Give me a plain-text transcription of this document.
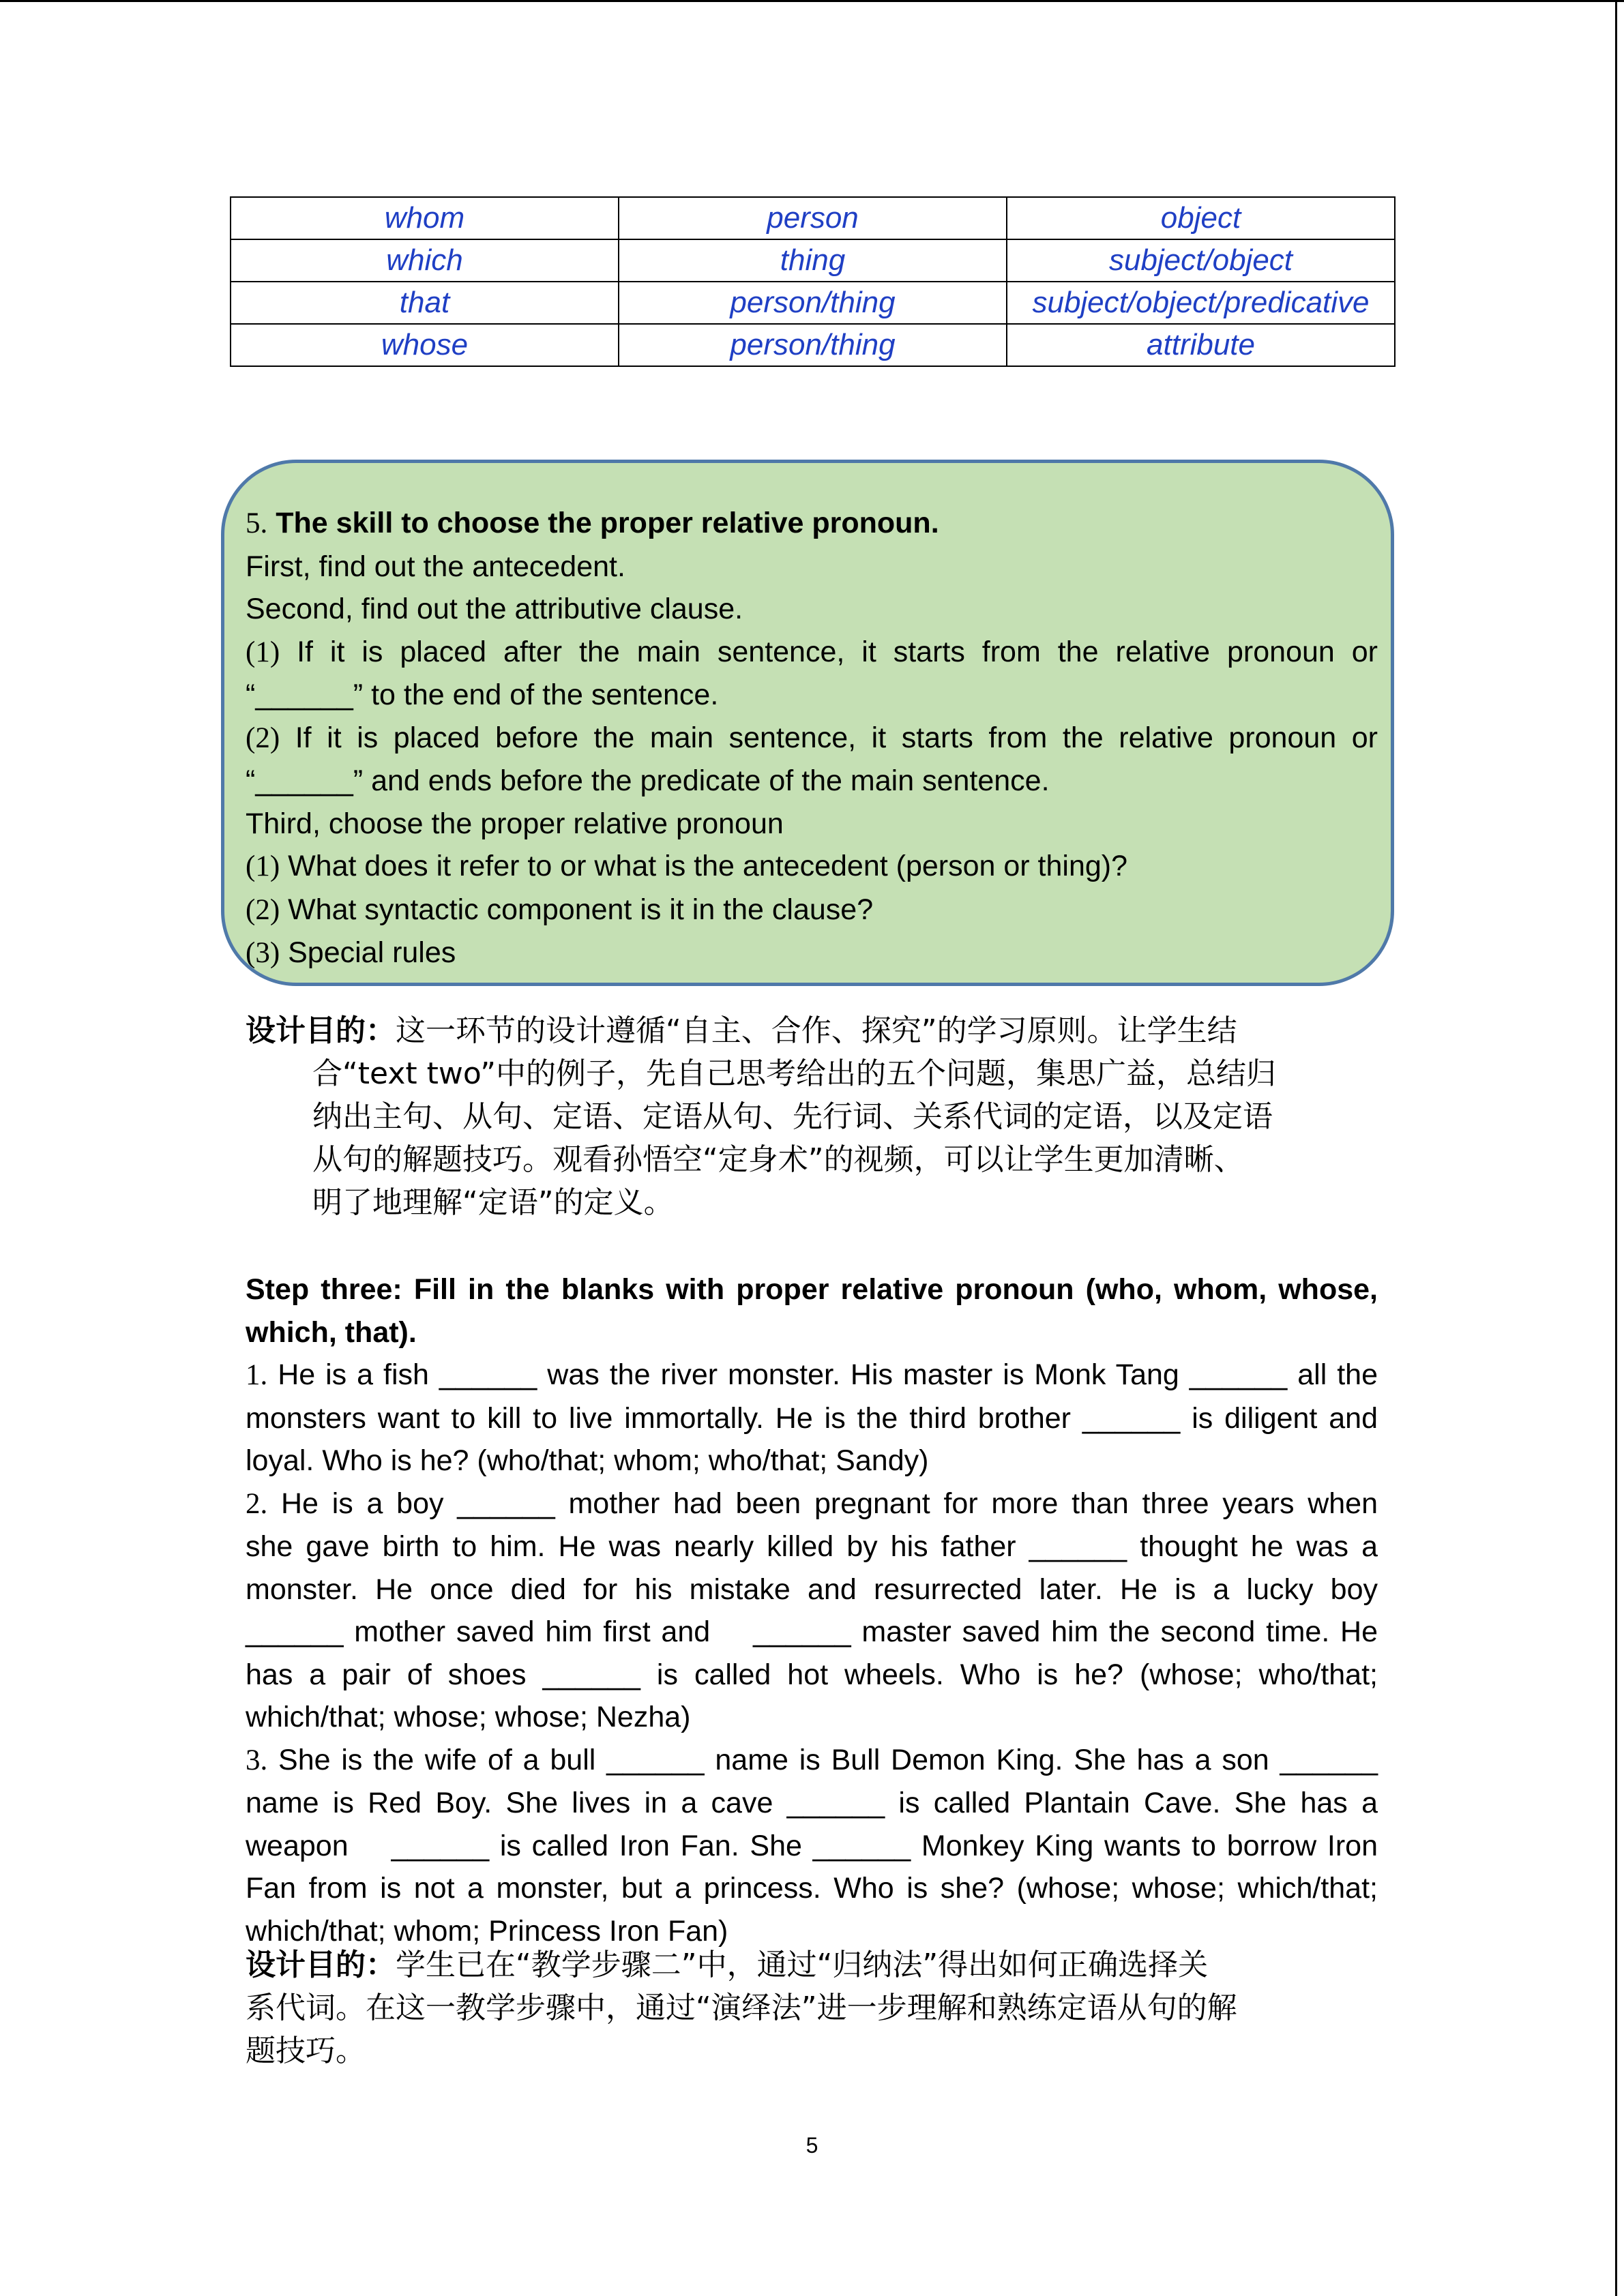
whom	person	object
which	thing	subject/object
that	person/thing	subject/object/predicative
whose	person/thing	attribute
5. The skill to choose the proper relative pronoun.
First, find out the antecedent.
Second, find out the attributive clause.
(1) If it is placed after the main sentence, it starts from the relative pronoun or
“______” to the end of the sentence.
(2) If it is placed before the main sentence, it starts from the relative pronoun or
“______” and ends before the predicate of the main sentence.
Third, choose the proper relative pronoun
(1) What does it refer to or what is the antecedent (person or thing)?
(2) What syntactic component is it in the clause?
(3) Special rules
设计目的：这一环节的设计遵循“自主、合作、探究”的学习原则。让学生结
合“text two”中的例子，先自己思考给出的五个问题，集思广益，总结归
纳出主句、从句、定语、定语从句、先行词、关系代词的定语，以及定语
从句的解题技巧。观看孙悟空“定身术”的视频，可以让学生更加清晰、
明了地理解“定语”的定义。
Step three: Fill in the blanks with proper relative pronoun (who, whom, whose,
which, that).
1. He is a fish ______ was the river monster. His master is Monk Tang ______ all the
monsters want to kill to live immortally. He is the third brother ______ is diligent and
loyal. Who is he? (who/that; whom; who/that; Sandy)
2. He is a boy ______ mother had been pregnant for more than three years when
she gave birth to him. He was nearly killed by his father ______ thought he was a
monster. He once died for his mistake and resurrected later. He is a lucky boy
______ mother saved him first and    ______ master saved him the second time. He
has a pair of shoes ______ is called hot wheels. Who is he? (whose; who/that;
which/that; whose; whose; Nezha)
3. She is the wife of a bull ______ name is Bull Demon King. She has a son ______
name is Red Boy. She lives in a cave ______ is called Plantain Cave. She has a
weapon    ______ is called Iron Fan. She ______ Monkey King wants to borrow Iron
Fan from is not a monster, but a princess. Who is she? (whose; whose; which/that;
which/that; whom; Princess Iron Fan)
设计目的：学生已在“教学步骤二”中，通过“归纳法”得出如何正确选择关
系代词。在这一教学步骤中，通过“演绎法”进一步理解和熟练定语从句的解
题技巧。
5
